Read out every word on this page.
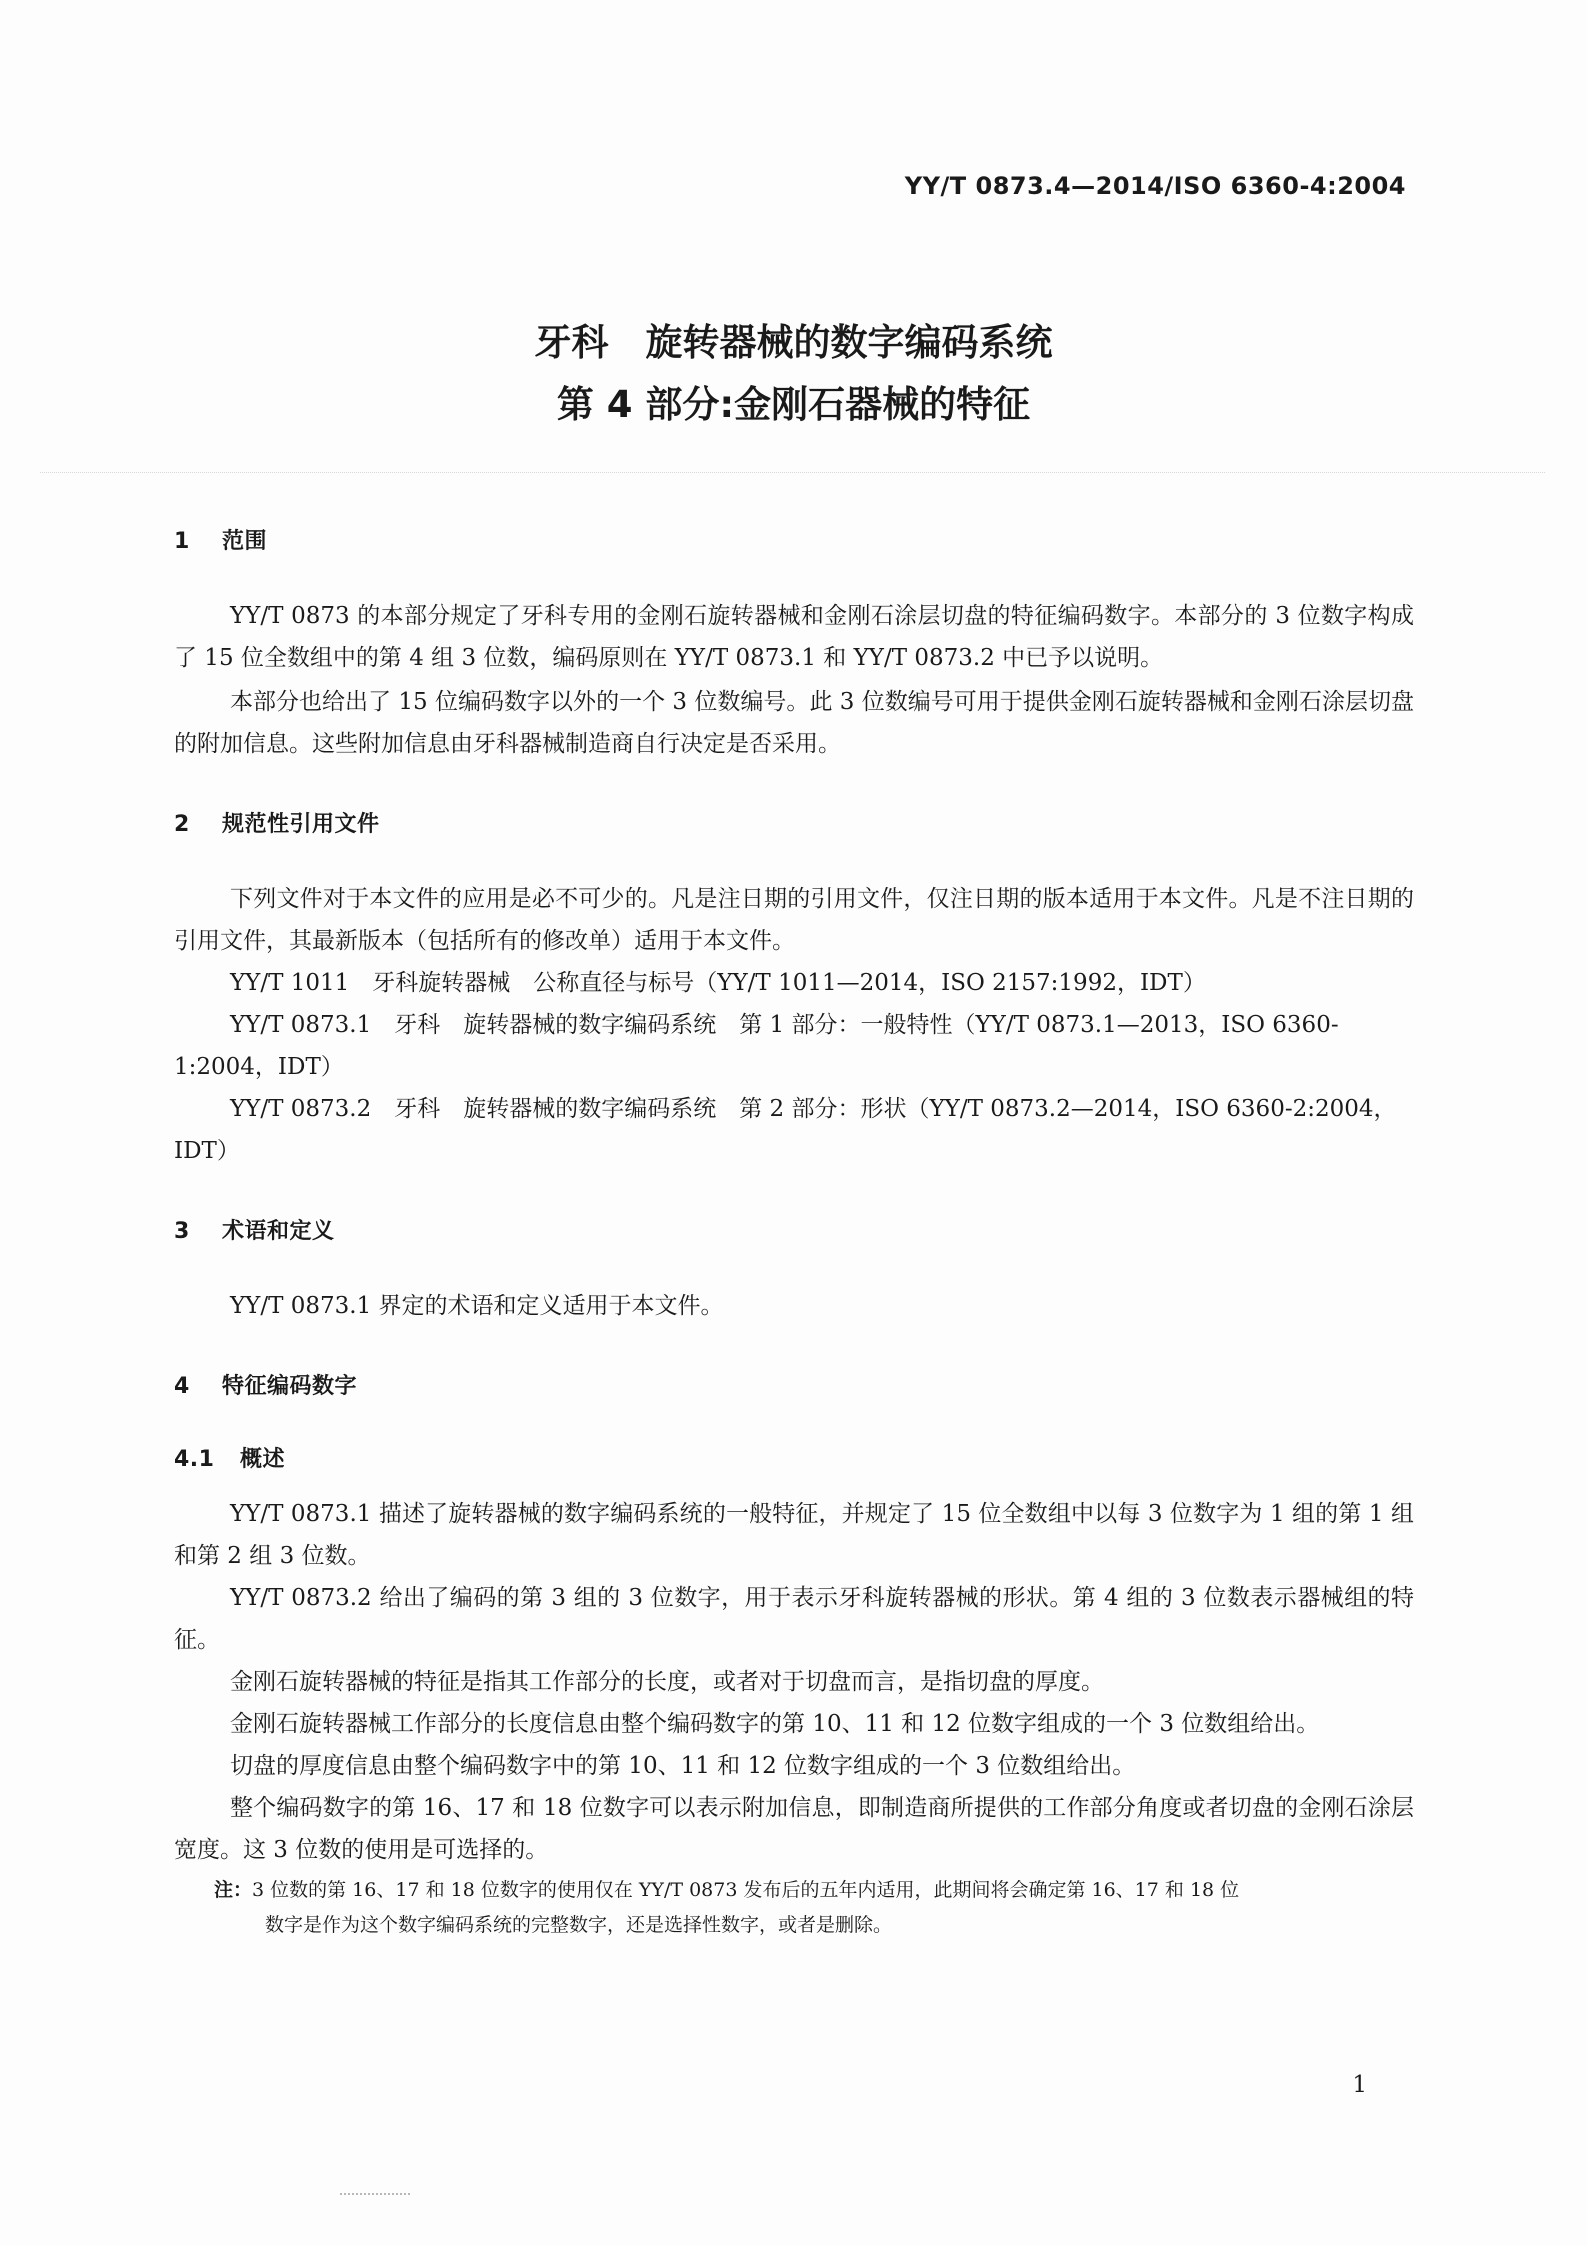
YY/T 0873.4—2014/ISO 6360-4:2004
牙科　旋转器械的数字编码系统
第 4 部分:金刚石器械的特征
1 范围
YY/T 0873 的本部分规定了牙科专用的金刚石旋转器械和金刚石涂层切盘的特征编码数字。本部分的 3 位数字构成了 15 位全数组中的第 4 组 3 位数，编码原则在 YY/T 0873.1 和 YY/T 0873.2 中已予以说明。
本部分也给出了 15 位编码数字以外的一个 3 位数编号。此 3 位数编号可用于提供金刚石旋转器械和金刚石涂层切盘的附加信息。这些附加信息由牙科器械制造商自行决定是否采用。
2 规范性引用文件
下列文件对于本文件的应用是必不可少的。凡是注日期的引用文件，仅注日期的版本适用于本文件。凡是不注日期的引用文件，其最新版本（包括所有的修改单）适用于本文件。
YY/T 1011　牙科旋转器械　公称直径与标号（YY/T 1011—2014，ISO 2157:1992，IDT）
YY/T 0873.1　牙科　旋转器械的数字编码系统　第 1 部分：一般特性（YY/T 0873.1—2013，ISO 6360-1:2004，IDT）
YY/T 0873.2　牙科　旋转器械的数字编码系统　第 2 部分：形状（YY/T 0873.2—2014，ISO 6360-2:2004，IDT）
3 术语和定义
YY/T 0873.1 界定的术语和定义适用于本文件。
4 特征编码数字
4.1 概述
YY/T 0873.1 描述了旋转器械的数字编码系统的一般特征，并规定了 15 位全数组中以每 3 位数字为 1 组的第 1 组和第 2 组 3 位数。
YY/T 0873.2 给出了编码的第 3 组的 3 位数字，用于表示牙科旋转器械的形状。第 4 组的 3 位数表示器械组的特征。
金刚石旋转器械的特征是指其工作部分的长度，或者对于切盘而言，是指切盘的厚度。
金刚石旋转器械工作部分的长度信息由整个编码数字的第 10、11 和 12 位数字组成的一个 3 位数组给出。
切盘的厚度信息由整个编码数字中的第 10、11 和 12 位数字组成的一个 3 位数组给出。
整个编码数字的第 16、17 和 18 位数字可以表示附加信息，即制造商所提供的工作部分角度或者切盘的金刚石涂层宽度。这 3 位数的使用是可选择的。
注：3 位数的第 16、17 和 18 位数字的使用仅在 YY/T 0873 发布后的五年内适用，此期间将会确定第 16、17 和 18 位
数字是作为这个数字编码系统的完整数字，还是选择性数字，或者是删除。
1
